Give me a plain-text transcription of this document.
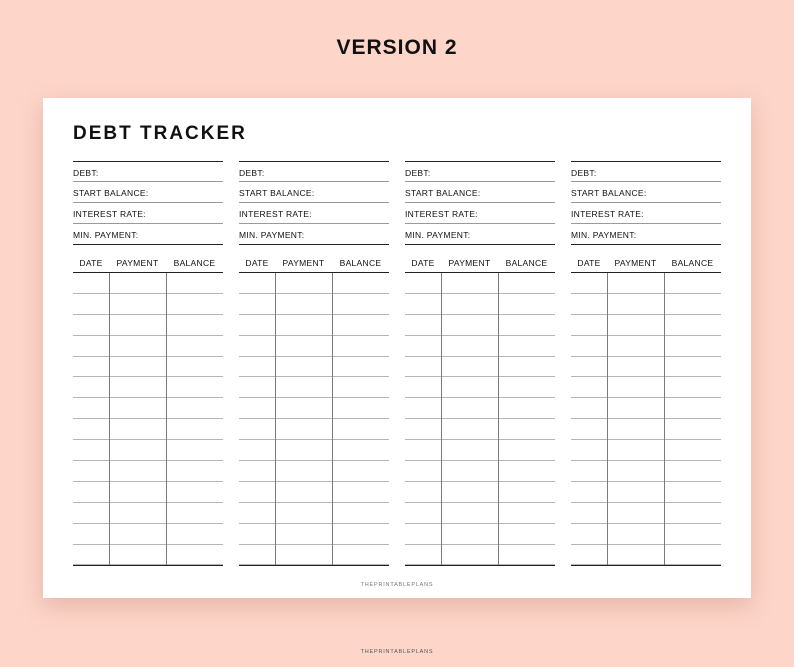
VERSION 2
DEBT TRACKER
DEBT:
START BALANCE:
INTEREST RATE:
MIN. PAYMENT:
DATE	PAYMENT	BALANCE
DEBT:
START BALANCE:
INTEREST RATE:
MIN. PAYMENT:
DATE	PAYMENT	BALANCE
DEBT:
START BALANCE:
INTEREST RATE:
MIN. PAYMENT:
DATE	PAYMENT	BALANCE
DEBT:
START BALANCE:
INTEREST RATE:
MIN. PAYMENT:
DATE	PAYMENT	BALANCE
THEPRINTABLEPLANS
THEPRINTABLEPLANS
